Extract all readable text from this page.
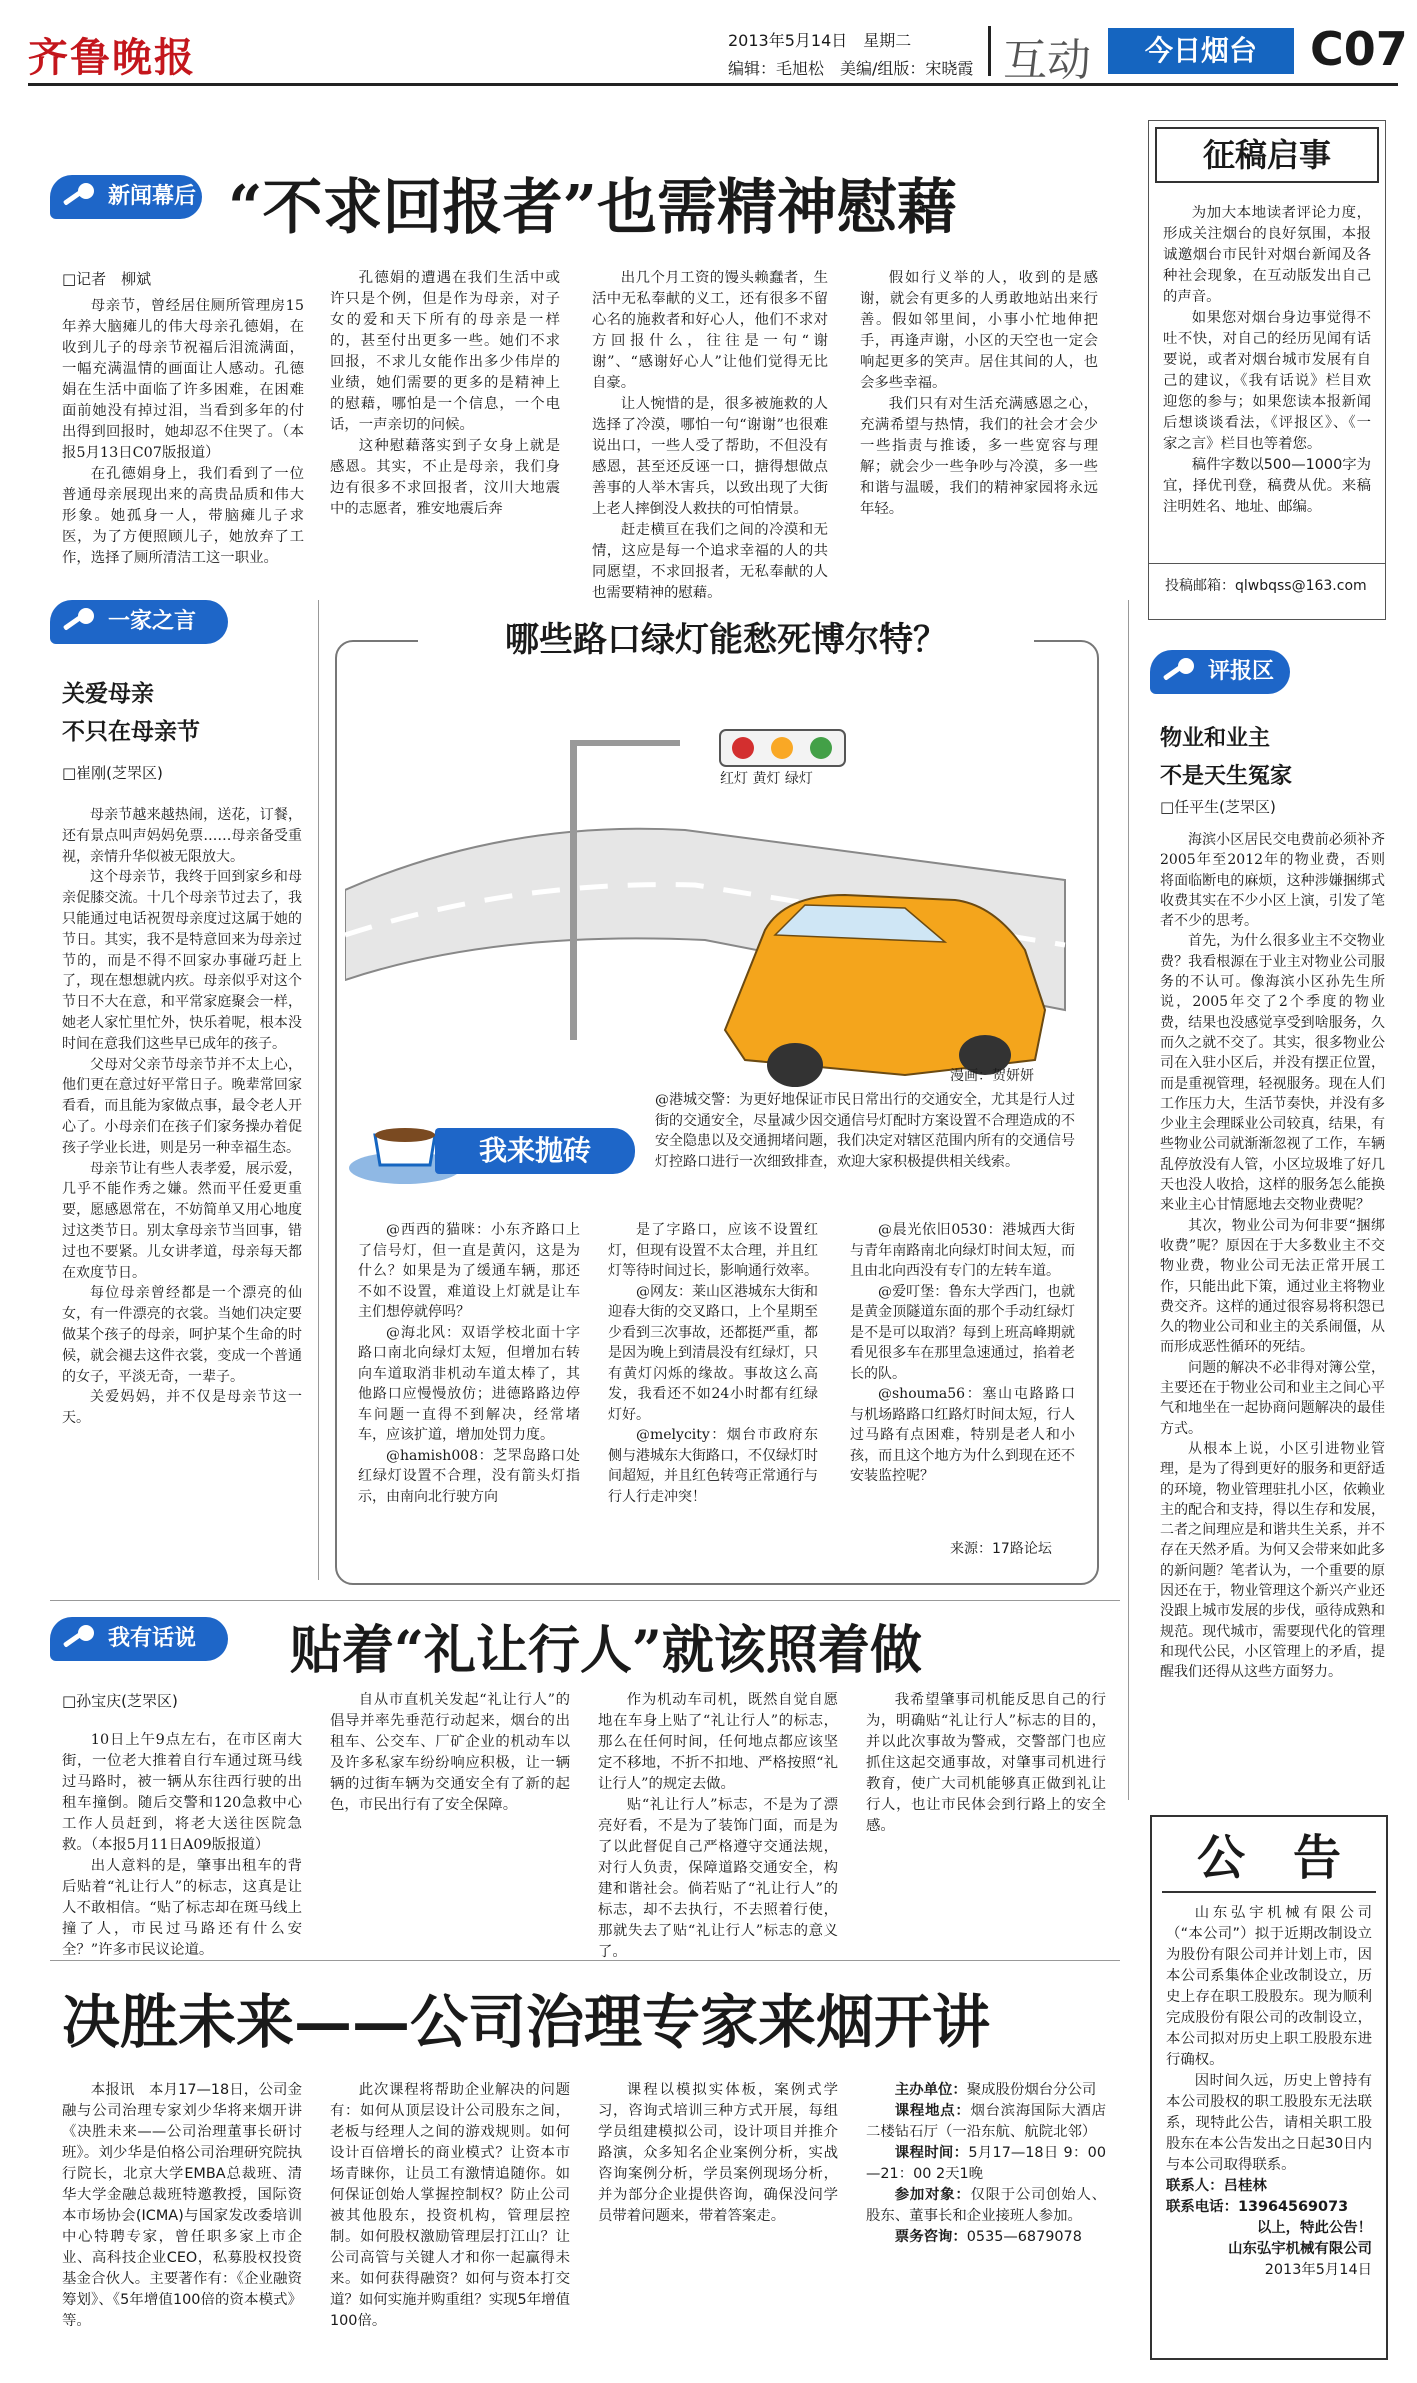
齐鲁晚报	2013年5月14日　星期二
编辑：毛旭松　美编/组版：宋晓霞 互动	今日烟台	C07
新闻幕后 “不求回报者”也需精神慰藉
□记者　柳斌

母亲节，曾经居住厕所管理房15年养大脑瘫儿的伟大母亲孔德娟，在收到儿子的母亲节祝福后泪流满面，一幅充满温情的画面让人感动。孔德娟在生活中面临了许多困难，在困难面前她没有掉过泪，当看到多年的付出得到回报时，她却忍不住哭了。（本报5月13日C07版报道）

在孔德娟身上，我们看到了一位普通母亲展现出来的高贵品质和伟大形象。她孤身一人，带脑瘫儿子求医，为了方便照顾儿子，她放弃了工作，选择了厕所清洁工这一职业。

孔德娟的遭遇在我们生活中或许只是个例，但是作为母亲，对子女的爱和天下所有的母亲是一样的，甚至付出更多一些。她们不求回报，不求儿女能作出多少伟岸的业绩，她们需要的更多的是精神上的慰藉，哪怕是一个信息，一个电话，一声亲切的问候。

这种慰藉落实到子女身上就是感恩。其实，不止是母亲，我们身边有很多不求回报者，汶川大地震中的志愿者，雅安地震后奔

出几个月工资的馒头赖蠢者，生活中无私奉献的义工，还有很多不留心名的施救者和好心人，他们不求对方回报什么，往往是一句“谢谢”、“感谢好心人”让他们觉得无比自豪。

让人惋惜的是，很多被施救的人选择了冷漠，哪怕一句“谢谢”也很难说出口，一些人受了帮助，不但没有感恩，甚至还反诬一口，搪得想做点善事的人举木害兵，以致出现了大街上老人摔倒没人救扶的可怕情景。

赶走横亘在我们之间的冷漠和无情，这应是每一个追求幸福的人的共同愿望，不求回报者，无私奉献的人也需要精神的慰藉。

假如行义举的人，收到的是感谢，就会有更多的人勇敢地站出来行善。假如邻里间，小事小忙地伸把手，再逢声谢，小区的天空也一定会响起更多的笑声。居住其间的人，也会多些幸福。

我们只有对生活充满感恩之心，充满希望与热情，我们的社会才会少一些指责与推诿，多一些宽容与理解；就会少一些争吵与冷漠，多一些和谐与温暖，我们的精神家园将永远年轻。

征稿启事

为加大本地读者评论力度，形成关注烟台的良好氛围，本报诚邀烟台市民针对烟台新闻及各种社会现象，在互动版发出自己的声音。

如果您对烟台身边事觉得不吐不快，对自己的经历见闻有话要说，或者对烟台城市发展有自己的建议，《我有话说》栏目欢迎您的参与；如果您读本报新闻后想谈谈看法，《评报区》、《一家之言》栏目也等着您。

稿件字数以500—1000字为宜，择优刊登，稿费从优。来稿注明姓名、地址、邮编。

投稿邮箱：qlwbqss@163.com
一家之言
关爱母亲
不只在母亲节
□崔刚(芝罘区)

母亲节越来越热闹，送花，订餐，还有景点叫声妈妈免票……母亲备受重视，亲情升华似被无限放大。

这个母亲节，我终于回到家乡和母亲促膝交流。十几个母亲节过去了，我只能通过电话祝贺母亲度过这属于她的节日。其实，我不是特意回来为母亲过节的，而是不得不回家办事碰巧赶上了，现在想想就内疚。母亲似乎对这个节日不大在意，和平常家庭聚会一样，她老人家忙里忙外，快乐着呢，根本没时间在意我们这些早已成年的孩子。

父母对父亲节母亲节并不太上心，他们更在意过好平常日子。晚辈常回家看看，而且能为家做点事，最令老人开心了。小母亲们在孩子们家务操办着促孩子学业长进，则是另一种幸福生态。

母亲节让有些人表孝爱，展示爱，几乎不能作秀之嫌。然而平任爱更重要，愿感恩常在，不妨简单又用心地度过这类节日。别太拿母亲节当回事，错过也不要紧。儿女讲孝道，母亲每天都在欢度节日。

每位母亲曾经都是一个漂亮的仙女，有一件漂亮的衣裳。当她们决定要做某个孩子的母亲，呵护某个生命的时候，就会褪去这件衣裳，变成一个普通的女子，平淡无奇，一辈子。

关爱妈妈，并不仅是母亲节这一天。

哪些路口绿灯能愁死博尔特？
红灯 黄灯 绿灯
漫画：贺妍妍
我来抛砖
@港城交警：为更好地保证市民日常出行的交通安全，尤其是行人过街的交通安全，尽量减少因交通信号灯配时方案设置不合理造成的不安全隐患以及交通拥堵问题，我们决定对辖区范围内所有的交通信号灯控路口进行一次细致排查，欢迎大家积极提供相关线索。

@西西的猫咪：小东齐路口上了信号灯，但一直是黄闪，这是为什么？如果是为了缓通车辆，那还不如不设置，难道设上灯就是让车主们想停就停吗？

@海北风：双语学校北面十字路口南北向绿灯太短，但增加右转向车道取消非机动车道太棒了，其他路口应慢慢放仿；进德路路边停车问题一直得不到解决，经常堵车，应该扩道，增加处罚力度。

@hamish008：芝罘岛路口处红绿灯设置不合理，没有箭头灯指示，由南向北行驶方向

是了字路口，应该不设置红灯，但现有设置不太合理，并且红灯等待时间过长，影响通行效率。

@网友：莱山区港城东大街和迎春大街的交叉路口，上个星期至少看到三次事故，还都挺严重，都是因为晚上到清晨没有红绿灯，只有黄灯闪烁的缘故。事故这么高发，我看还不如24小时都有红绿灯好。

@melycity：烟台市政府东侧与港城东大街路口，不仅绿灯时间超短，并且红色转弯正常通行与行人行走冲突！

@晨光依旧0530：港城西大街与青年南路南北向绿灯时间太短，而且由北向西没有专门的左转车道。

@爱叮堡：鲁东大学西门，也就是黄金顶隧道东面的那个手动红绿灯是不是可以取消？每到上班高峰期就看见很多车在那里急速通过，掐着老长的队。

@shouma56：塞山屯路路口与机场路路口红路灯时间太短，行人过马路有点困难，特别是老人和小孩，而且这个地方为什么到现在还不安装监控呢？

来源：17路论坛
评报区
物业和业主
不是天生冤家
□任平生(芝罘区)

海滨小区居民交电费前必须补齐2005年至2012年的物业费，否则将面临断电的麻烦，这种涉嫌捆绑式收费其实在不少小区上演，引发了笔者不少的思考。

首先，为什么很多业主不交物业费？我看根源在于业主对物业公司服务的不认可。像海滨小区孙先生所说，2005年交了2个季度的物业费，结果也没感觉享受到啥服务，久而久之就不交了。其实，很多物业公司在入驻小区后，并没有摆正位置，而是重视管理，轻视服务。现在人们工作压力大，生活节奏快，并没有多少业主会理睬业公司较真，结果，有些物业公司就渐渐忽视了工作，车辆乱停放没有人管，小区垃圾堆了好几天也没人收拾，这样的服务怎么能换来业主心甘情愿地去交物业费呢？

其次，物业公司为何非要“捆绑收费”呢？原因在于大多数业主不交物业费，物业公司无法正常开展工作，只能出此下策，通过业主将物业费交齐。这样的通过很容易将积怨已久的物业公司和业主的关系闹僵，从而形成恶性循环的死结。

问题的解决不必非得对簿公堂，主要还在于物业公司和业主之间心平气和地坐在一起协商问题解决的最佳方式。

从根本上说，小区引进物业管理，是为了得到更好的服务和更舒适的环境，物业管理驻扎小区，依赖业主的配合和支持，得以生存和发展，二者之间理应是和谐共生关系，并不存在天然矛盾。为何又会带来如此多的新问题？笔者认为，一个重要的原因还在于，物业管理这个新兴产业还没跟上城市发展的步伐，亟待成熟和规范。现代城市，需要现代化的管理和现代公民，小区管理上的矛盾，提醒我们还得从这些方面努力。

我有话说	贴着“礼让行人”就该照着做
□孙宝庆(芝罘区)

10日上午9点左右，在市区南大街，一位老大推着自行车通过斑马线过马路时，被一辆从东往西行驶的出租车撞倒。随后交警和120急救中心工作人员赶到，将老大送往医院急救。（本报5月11日A09版报道）

出人意料的是，肇事出租车的背后贴着“礼让行人”的标志，这真是让人不敢相信。“贴了标志却在斑马线上撞了人，市民过马路还有什么安全？”许多市民议论道。

自从市直机关发起“礼让行人”的倡导并率先垂范行动起来，烟台的出租车、公交车、厂矿企业的机动车以及许多私家车纷纷响应积极，让一辆辆的过街车辆为交通安全有了新的起色，市民出行有了安全保障。

作为机动车司机，既然自觉自愿地在车身上贴了“礼让行人”的标志，那么在任何时间，任何地点都应该坚定不移地，不折不扣地、严格按照“礼让行人”的规定去做。

贴“礼让行人”标志，不是为了漂亮好看，不是为了装饰门面，而是为了以此督促自己严格遵守交通法规，对行人负责，保障道路交通安全，构建和谐社会。倘若贴了“礼让行人”的标志，却不去执行，不去照着行使，那就失去了贴“礼让行人”标志的意义了。

我希望肇事司机能反思自己的行为，明确贴“礼让行人”标志的目的，并以此次事故为警戒，交警部门也应抓住这起交通事故，对肇事司机进行教育，使广大司机能够真正做到礼让行人，也让市民体会到行路上的安全感。

公　告

山东弘宇机械有限公司（“本公司”）拟于近期改制设立为股份有限公司并计划上市，因本公司系集体企业改制设立，历史上存在职工股股东。现为顺利完成股份有限公司的改制设立，本公司拟对历史上职工股股东进行确权。

因时间久远，历史上曾持有本公司股权的职工股股东无法联系，现特此公告，请相关职工股股东在本公告发出之日起30日内与本公司取得联系。

联系人：吕桂林

联系电话：13964569073

以上，特此公告！

山东弘宇机械有限公司

2013年5月14日

决胜未来——公司治理专家来烟开讲

本报讯　本月17—18日，公司金融与公司治理专家刘少华将来烟开讲《决胜未来——公司治理董事长研讨班》。刘少华是伯格公司治理研究院执行院长，北京大学EMBA总裁班、清华大学金融总裁班特邀教授，国际资本市场协会(ICMA)与国家发改委培训中心特聘专家，曾任职多家上市企业、高科技企业CEO，私募股权投资基金合伙人。主要著作有：《企业融资筹划》、《5年增值100倍的资本模式》等。

此次课程将帮助企业解决的问题有：如何从顶层设计公司股东之间，老板与经理人之间的游戏规则。如何设计百倍增长的商业模式？让资本市场青睐你，让员工有激情追随你。如何保证创始人掌握控制权？防止公司被其他股东，投资机构，管理层控制。如何股权激励管理层打江山？让公司高管与关键人才和你一起赢得未来。如何获得融资？如何与资本打交道？如何实施并购重组？实现5年增值100倍。

课程以模拟实体板，案例式学习，咨询式培训三种方式开展，每组学员组建模拟公司，设计项目并推介路演，众多知名企业案例分析，实战咨询案例分析，学员案例现场分析，并为部分企业提供咨询，确保没问学员带着问题来，带着答案走。

主办单位：聚成股份烟台分公司

课程地点：烟台滨海国际大酒店二楼钻石厅（一沿东航、航院北邻）

课程时间：5月17—18日 9：00—21：00 2天1晚

参加对象：仅限于公司创始人、股东、董事长和企业接班人参加。

票务咨询：0535—6879078
